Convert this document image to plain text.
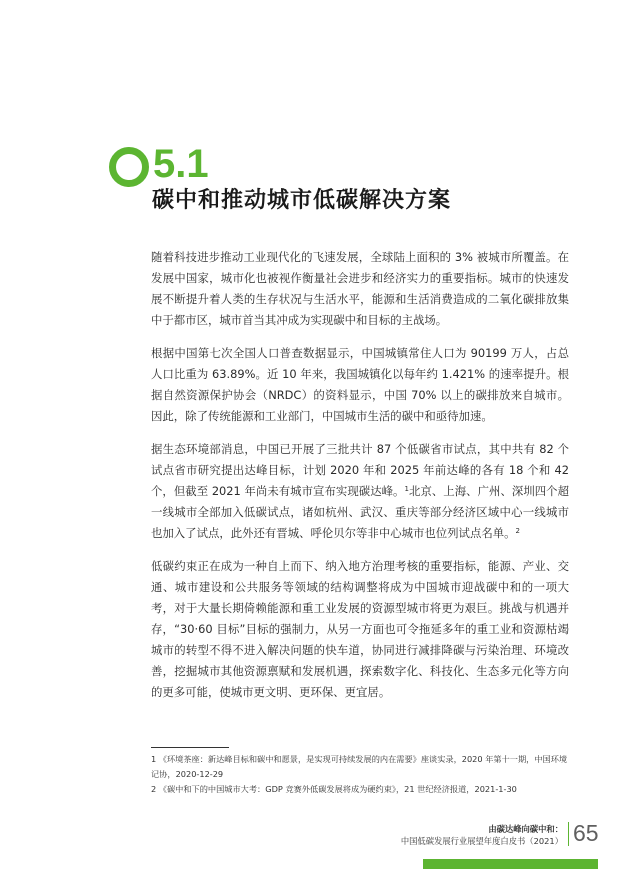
5.1
碳中和推动城市低碳解决方案

随着科技进步推动工业现代化的飞速发展，全球陆上面积的 3% 被城市所覆盖。在发展中国家，城市化也被视作衡量社会进步和经济实力的重要指标。城市的快速发展不断提升着人类的生存状况与生活水平，能源和生活消费造成的二氧化碳排放集中于都市区，城市首当其冲成为实现碳中和目标的主战场。

根据中国第七次全国人口普查数据显示，中国城镇常住人口为 90199 万人，占总人口比重为 63.89%。近 10 年来，我国城镇化以每年约 1.421% 的速率提升。根据自然资源保护协会（NRDC）的资料显示，中国 70% 以上的碳排放来自城市。因此，除了传统能源和工业部门，中国城市生活的碳中和亟待加速。

据生态环境部消息，中国已开展了三批共计 87 个低碳省市试点，其中共有 82 个试点省市研究提出达峰目标，计划 2020 年和 2025 年前达峰的各有 18 个和 42 个，但截至 2021 年尚未有城市宣布实现碳达峰。$^1$北京、上海、广州、深圳四个超一线城市全部加入低碳试点，诸如杭州、武汉、重庆等部分经济区域中心一线城市也加入了试点，此外还有晋城、呼伦贝尔等非中心城市也位列试点名单。$^2$

低碳约束正在成为一种自上而下、纳入地方治理考核的重要指标，能源、产业、交通、城市建设和公共服务等领域的结构调整将成为中国城市迎战碳中和的一项大考，对于大量长期倚赖能源和重工业发展的资源型城市将更为艰巨。挑战与机遇并存，“30·60 目标”目标的强制力，从另一方面也可令拖延多年的重工业和资源枯竭城市的转型不得不进入解决问题的快车道，协同进行减排降碳与污染治理、环境改善，挖掘城市其他资源禀赋和发展机遇，探索数字化、科技化、生态多元化等方向的更多可能，使城市更文明、更环保、更宜居。

1 《环境茶座：新达峰目标和碳中和愿景，是实现可持续发展的内在需要》座谈实录，2020 年第十一期，中国环境记协，2020-12-29
2 《碳中和下的中国城市大考：GDP 竞赛外低碳发展将成为硬约束》，21 世纪经济报道，2021-1-30
由碳达峰向碳中和：
中国低碳发展行业展望年度白皮书（2021） 65
